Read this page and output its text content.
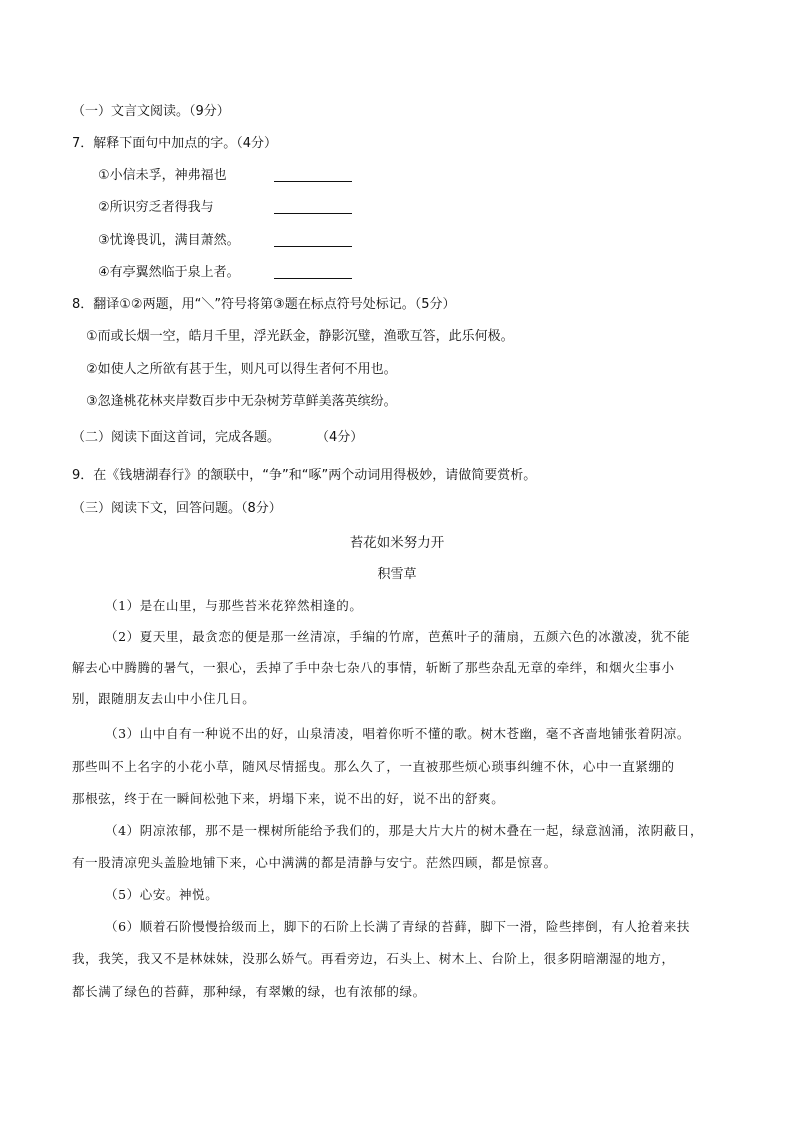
（一）文言文阅读。（9分）
7．解释下面句中加点的字。（4分）
①小信未孚，神弗福也
②所识穷乏者得我与
③忧谗畏讥，满目萧然。
④有亭翼然临于泉上者。
8．翻译①②两题，用“＼”符号将第③题在标点符号处标记。（5分）
①而或长烟一空，皓月千里，浮光跃金，静影沉璧，渔歌互答，此乐何极。
②如使人之所欲有甚于生，则凡可以得生者何不用也。
③忽逢桃花林夹岸数百步中无杂树芳草鲜美落英缤纷。
（二）阅读下面这首词，完成各题。	（4分）
9．在《钱塘湖春行》的颔联中，“争”和“啄”两个动词用得极妙，请做简要赏析。
（三）阅读下文，回答问题。（8分）
苔花如米努力开
积雪草
（1）是在山里，与那些苔米花猝然相逢的。
（2）夏天里，最贪恋的便是那一丝清凉，手编的竹席，芭蕉叶子的蒲扇，五颜六色的冰激凌，犹不能
解去心中腾腾的暑气，一狠心，丢掉了手中杂七杂八的事情，斩断了那些杂乱无章的牵绊，和烟火尘事小
别，跟随朋友去山中小住几日。
（3）山中自有一种说不出的好，山泉清凌，唱着你听不懂的歌。树木苍幽，毫不吝啬地铺张着阴凉。
那些叫不上名字的小花小草，随风尽情摇曳。那么久了，一直被那些烦心琐事纠缠不休，心中一直紧绷的
那根弦，终于在一瞬间松弛下来，坍塌下来，说不出的好，说不出的舒爽。
（4）阴凉浓郁，那不是一棵树所能给予我们的，那是大片大片的树木叠在一起，绿意汹涌，浓阴蔽日，
有一股清凉兜头盖脸地铺下来，心中满满的都是清静与安宁。茫然四顾，都是惊喜。
（5）心安。神悦。
（6）顺着石阶慢慢拾级而上，脚下的石阶上长满了青绿的苔藓，脚下一滑，险些摔倒，有人抢着来扶
我，我笑，我又不是林妹妹，没那么娇气。再看旁边，石头上、树木上、台阶上，很多阴暗潮湿的地方，
都长满了绿色的苔藓，那种绿，有翠嫩的绿，也有浓郁的绿。
